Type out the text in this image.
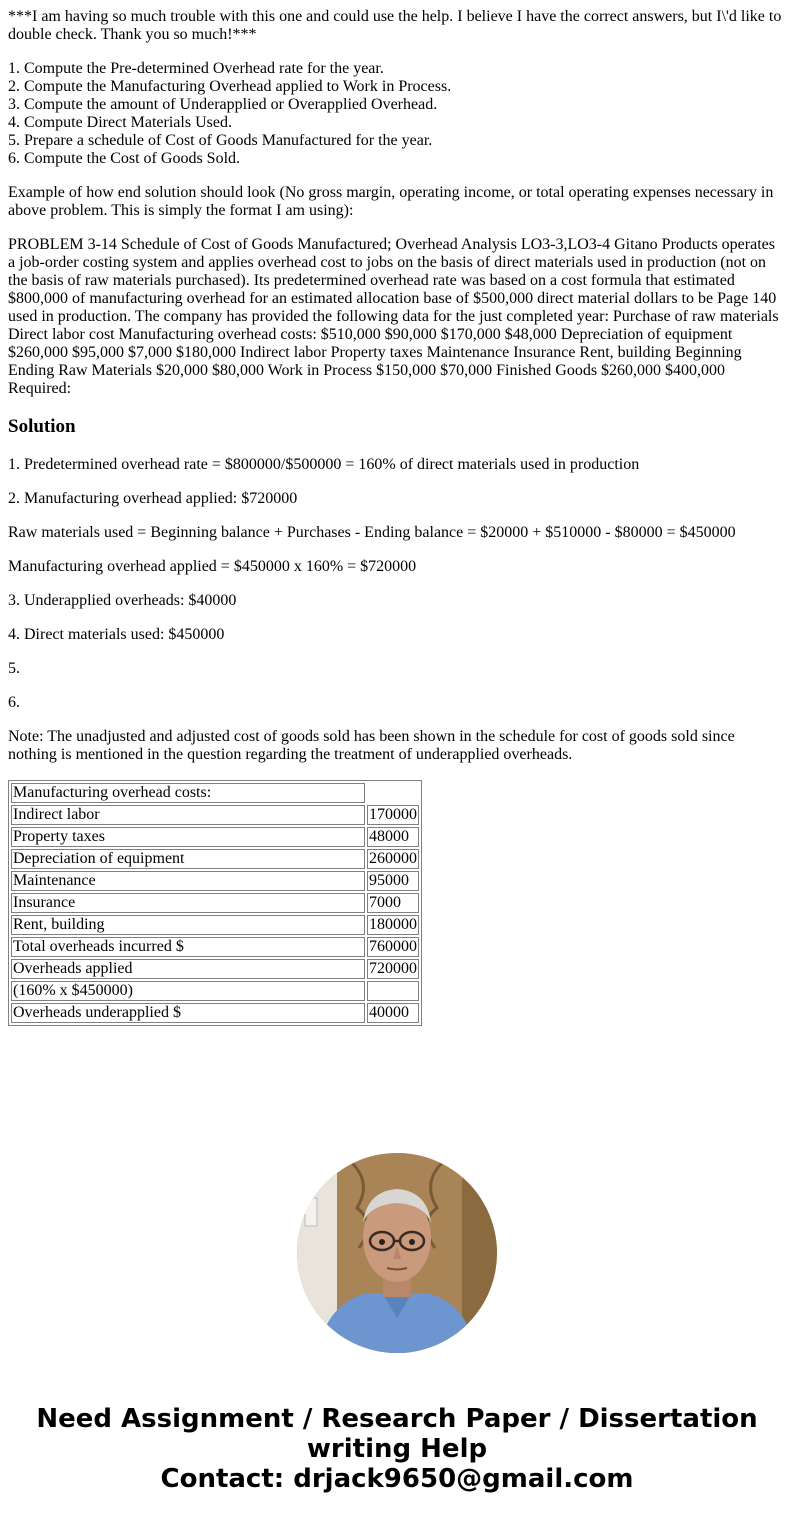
***I am having so much trouble with this one and could use the help. I believe I have the correct answers, but I\'d like to double check. Thank you so much!***

1. Compute the Pre-determined Overhead rate for the year.
2. Compute the Manufacturing Overhead applied to Work in Process.
3. Compute the amount of Underapplied or Overapplied Overhead.
4. Compute Direct Materials Used.
5. Prepare a schedule of Cost of Goods Manufactured for the year.
6. Compute the Cost of Goods Sold.

Example of how end solution should look (No gross margin, operating income, or total operating expenses necessary in above problem. This is simply the format I am using):

PROBLEM 3-14 Schedule of Cost of Goods Manufactured; Overhead Analysis LO3-3,LO3-4 Gitano Products operates a job-order costing system and applies overhead cost to jobs on the basis of direct materials used in production (not on the basis of raw materials purchased). Its predetermined overhead rate was based on a cost formula that estimated $800,000 of manufacturing overhead for an estimated allocation base of $500,000 direct material dollars to be Page 140 used in production. The company has provided the following data for the just completed year: Purchase of raw materials Direct labor cost Manufacturing overhead costs: $510,000 $90,000 $170,000 $48,000 Depreciation of equipment $260,000 $95,000 $7,000 $180,000 Indirect labor Property taxes Maintenance Insurance Rent, building Beginning Ending Raw Materials $20,000 $80,000 Work in Process $150,000 $70,000 Finished Goods $260,000 $400,000 Required:

Solution

1. Predetermined overhead rate = $800000/$500000 = 160% of direct materials used in production

2. Manufacturing overhead applied: $720000

Raw materials used = Beginning balance + Purchases - Ending balance = $20000 + $510000 - $80000 = $450000

Manufacturing overhead applied = $450000 x 160% = $720000

3. Underapplied overheads: $40000

4. Direct materials used: $450000

5.

6.

Note: The unadjusted and adjusted cost of goods sold has been shown in the schedule for cost of goods sold since nothing is mentioned in the question regarding the treatment of underapplied overheads.

Manufacturing overhead costs:	
Indirect labor	170000
Property taxes	48000
Depreciation of equipment	260000
Maintenance	95000
Insurance	7000
Rent, building	180000
Total overheads incurred $	760000
Overheads applied	720000
(160% x $450000)	
Overheads underapplied $	40000
Need Assignment / Research Paper / Dissertation
writing Help
Contact: drjack9650@gmail.com
